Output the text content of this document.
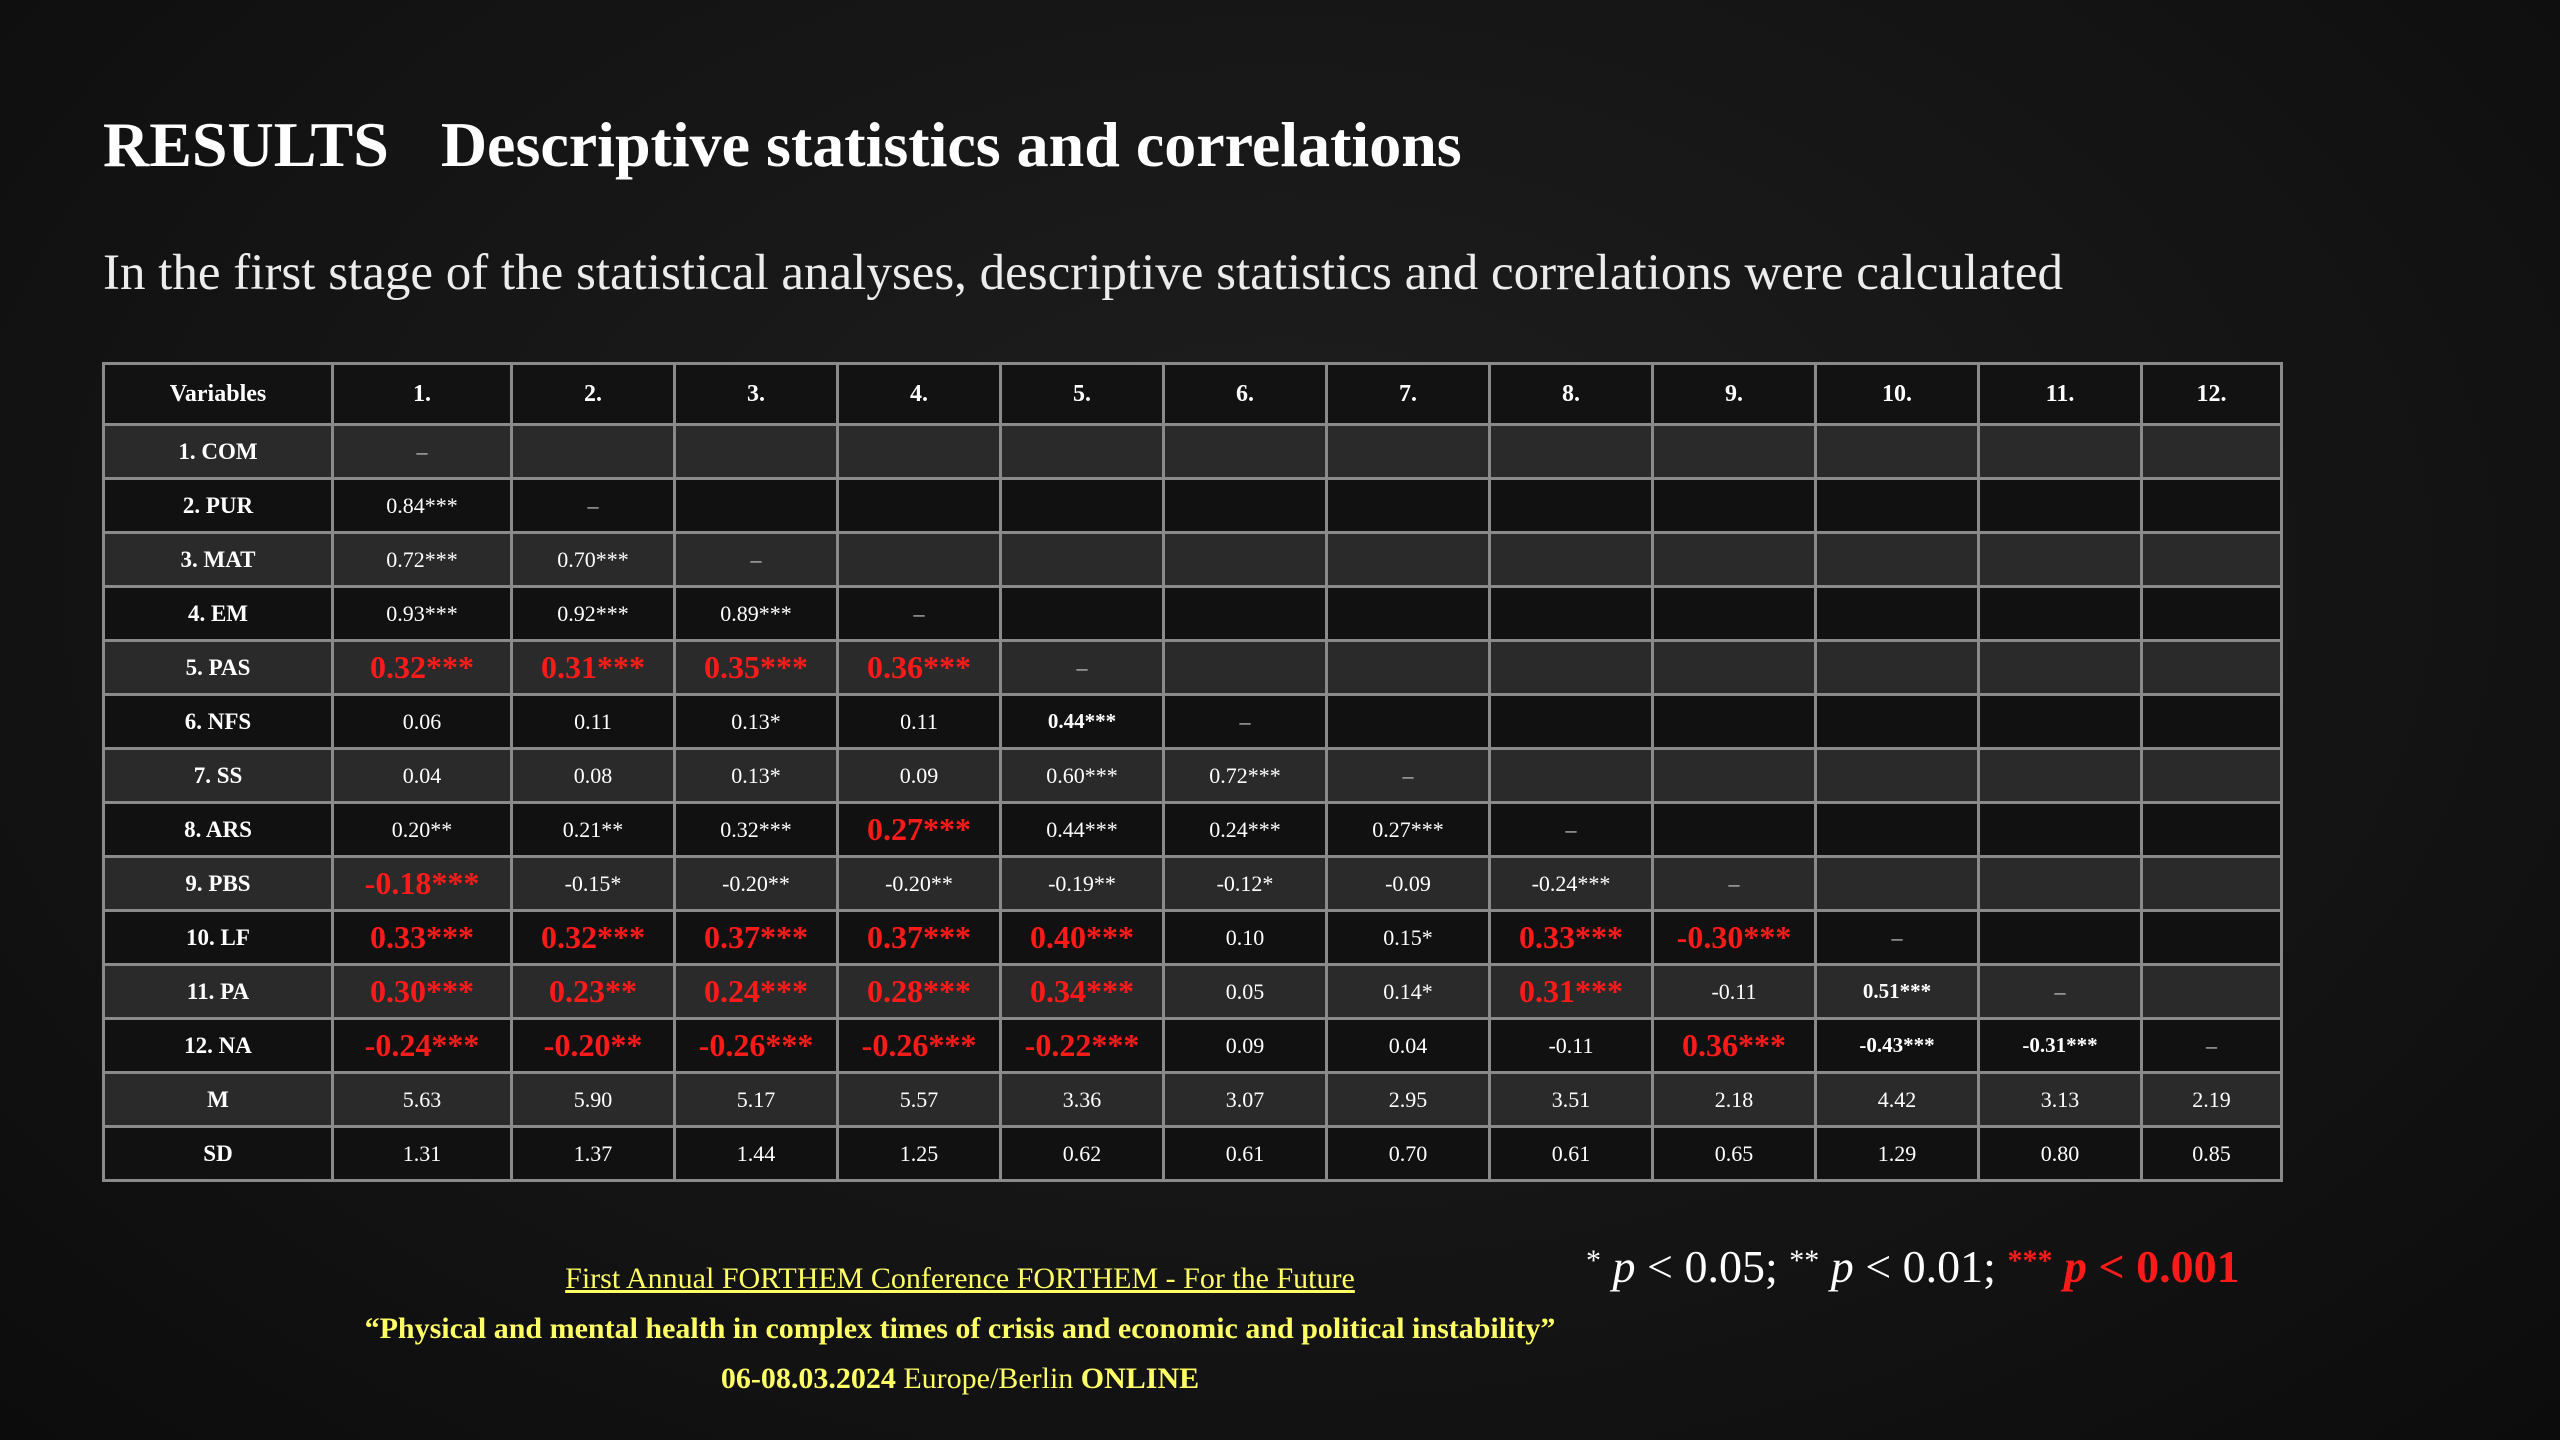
RESULTS Descriptive statistics and correlations

In the first stage of the statistical analyses, descriptive statistics and correlations were calculated

Variables	1.	2.	3.	4.	5.	6.	7.	8.	9.	10.	11.	12.
1. COM	–											
2. PUR	0.84***	–										
3. MAT	0.72***	0.70***	–									
4. EM	0.93***	0.92***	0.89***	–								
5. PAS	0.32***	0.31***	0.35***	0.36***	–							
6. NFS	0.06	0.11	0.13*	0.11	0.44***	–						
7. SS	0.04	0.08	0.13*	0.09	0.60***	0.72***	–					
8. ARS	0.20**	0.21**	0.32***	0.27***	0.44***	0.24***	0.27***	–				
9. PBS	-0.18***	-0.15*	-0.20**	-0.20**	-0.19**	-0.12*	-0.09	-0.24***	–			
10. LF	0.33***	0.32***	0.37***	0.37***	0.40***	0.10	0.15*	0.33***	-0.30***	–		
11. PA	0.30***	0.23**	0.24***	0.28***	0.34***	0.05	0.14*	0.31***	-0.11	0.51***	–	
12. NA	-0.24***	-0.20**	-0.26***	-0.26***	-0.22***	0.09	0.04	-0.11	0.36***	-0.43***	-0.31***	–
M	5.63	5.90	5.17	5.57	3.36	3.07	2.95	3.51	2.18	4.42	3.13	2.19
SD	1.31	1.37	1.44	1.25	0.62	0.61	0.70	0.61	0.65	1.29	0.80	0.85
* p < 0.05; ** p < 0.01; *** p < 0.001
First Annual FORTHEM Conference FORTHEM - For the Future
“Physical and mental health in complex times of crisis and economic and political instability”
06-08.03.2024 Europe/Berlin ONLINE
